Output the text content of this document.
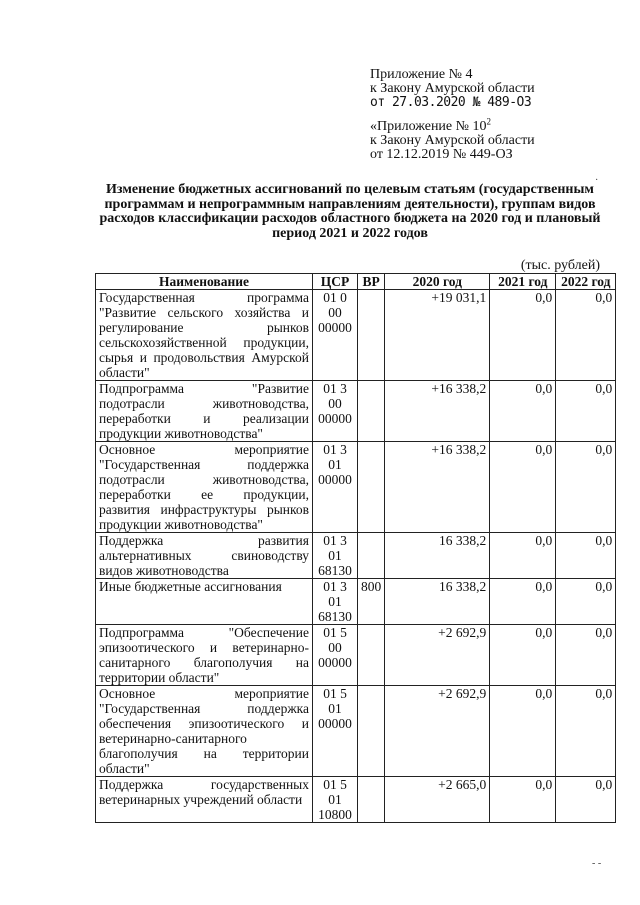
Приложение № 4
к Закону Амурской области
от 27.03.2020 № 489-ОЗ
«Приложение № $10^2$
к Закону Амурской области
от 12.12.2019 № 449-ОЗ
Изменение бюджетных ассигнований по целевым статьям (государственным программам и непрограммным направлениям деятельности), группам видов расходов классификации расходов областного бюджета на 2020 год и плановый период 2021 и 2022 годов
(тыс. рублей)
Наименование	ЦСР	ВР	2020 год	2021 год	2022 год
Государственная программа "Развитие сельского хозяйства и регулирование рынков сельскохозяйственной продукции, сырья и продовольствия Амурской области"	01 0 00 00000		+19 031,1	0,0	0,0
Подпрограмма "Развитие подотрасли животноводства, переработки и реализации продукции животноводства"	01 3 00 00000		+16 338,2	0,0	0,0
Основное мероприятие "Государственная поддержка подотрасли животноводства, переработки ее продукции, развития инфраструктуры рынков продукции животноводства"	01 3 01 00000		+16 338,2	0,0	0,0
Поддержка развития альтернативных свиноводству видов животноводства	01 3 01 68130		16 338,2	0,0	0,0
Иные бюджетные ассигнования	01 3 01 68130	800	16 338,2	0,0	0,0
Подпрограмма "Обеспечение эпизоотического и ветеринарно-санитарного благополучия на территории области"	01 5 00 00000		+2 692,9	0,0	0,0
Основное мероприятие "Государственная поддержка обеспечения эпизоотического и ветеринарно-санитарного благополучия на территории области"	01 5 01 00000		+2 692,9	0,0	0,0
Поддержка государственных ветеринарных учреждений области	01 5 01 10800		+2 665,0	0,0	0,0
·
- -
